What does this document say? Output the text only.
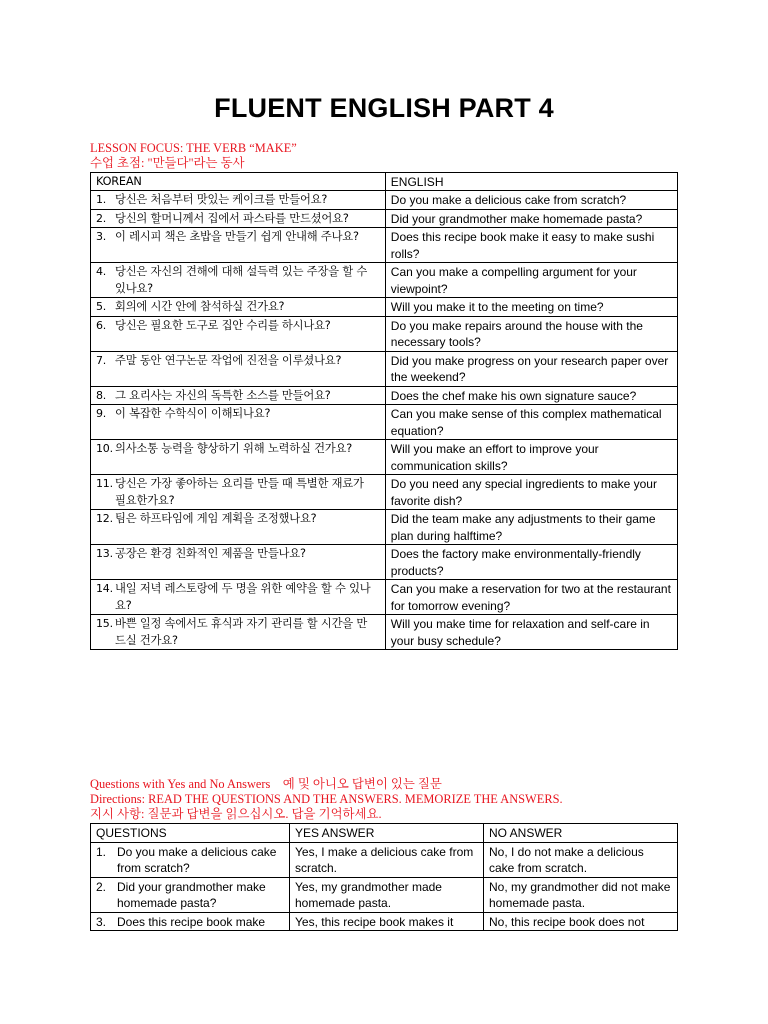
FLUENT ENGLISH PART 4
LESSON FOCUS: THE VERB “MAKE”
수업 초점: "만들다"라는 동사
KOREAN	ENGLISH
1. 당신은 처음부터 맛있는 케이크를 만들어요?	Do you make a delicious cake from scratch?
2. 당신의 할머니께서 집에서 파스타를 만드셨어요?	Did your grandmother make homemade pasta?
3. 이 레시피 책은 초밥을 만들기 쉽게 안내해 주나요?	Does this recipe book make it easy to make sushi rolls?
4. 당신은 자신의 견해에 대해 설득력 있는 주장을 할 수 있나요?	Can you make a compelling argument for your viewpoint?
5. 회의에 시간 안에 참석하실 건가요?	Will you make it to the meeting on time?
6. 당신은 필요한 도구로 집안 수리를 하시나요?	Do you make repairs around the house with the necessary tools?
7. 주말 동안 연구논문 작업에 진전을 이루셨나요?	Did you make progress on your research paper over the weekend?
8. 그 요리사는 자신의 독특한 소스를 만들어요?	Does the chef make his own signature sauce?
9. 이 복잡한 수학식이 이해되나요?	Can you make sense of this complex mathematical equation?
10. 의사소통 능력을 향상하기 위해 노력하실 건가요?	Will you make an effort to improve your communication skills?
11. 당신은 가장 좋아하는 요리를 만들 때 특별한 재료가 필요한가요?	Do you need any special ingredients to make your favorite dish?
12. 팀은 하프타임에 게임 계획을 조정했나요?	Did the team make any adjustments to their game plan during halftime?
13. 공장은 환경 친화적인 제품을 만들나요?	Does the factory make environmentally-friendly products?
14. 내일 저녁 레스토랑에 두 명을 위한 예약을 할 수 있나요?	Can you make a reservation for two at the restaurant for tomorrow evening?
15. 바쁜 일정 속에서도 휴식과 자기 관리를 할 시간을 만드실 건가요?	Will you make time for relaxation and self-care in your busy schedule?
Questions with Yes and No Answers 예 및 아니오 답변이 있는 질문
Directions: READ THE QUESTIONS AND THE ANSWERS. MEMORIZE THE ANSWERS.
지시 사항: 질문과 답변을 읽으십시오. 답을 기억하세요.
QUESTIONS	YES ANSWER	NO ANSWER
1. Do you make a delicious cake from scratch?	Yes, I make a delicious cake from scratch.	No, I do not make a delicious cake from scratch.
2. Did your grandmother make homemade pasta?	Yes, my grandmother made homemade pasta.	No, my grandmother did not make homemade pasta.
3. Does this recipe book make	Yes, this recipe book makes it	No, this recipe book does not
